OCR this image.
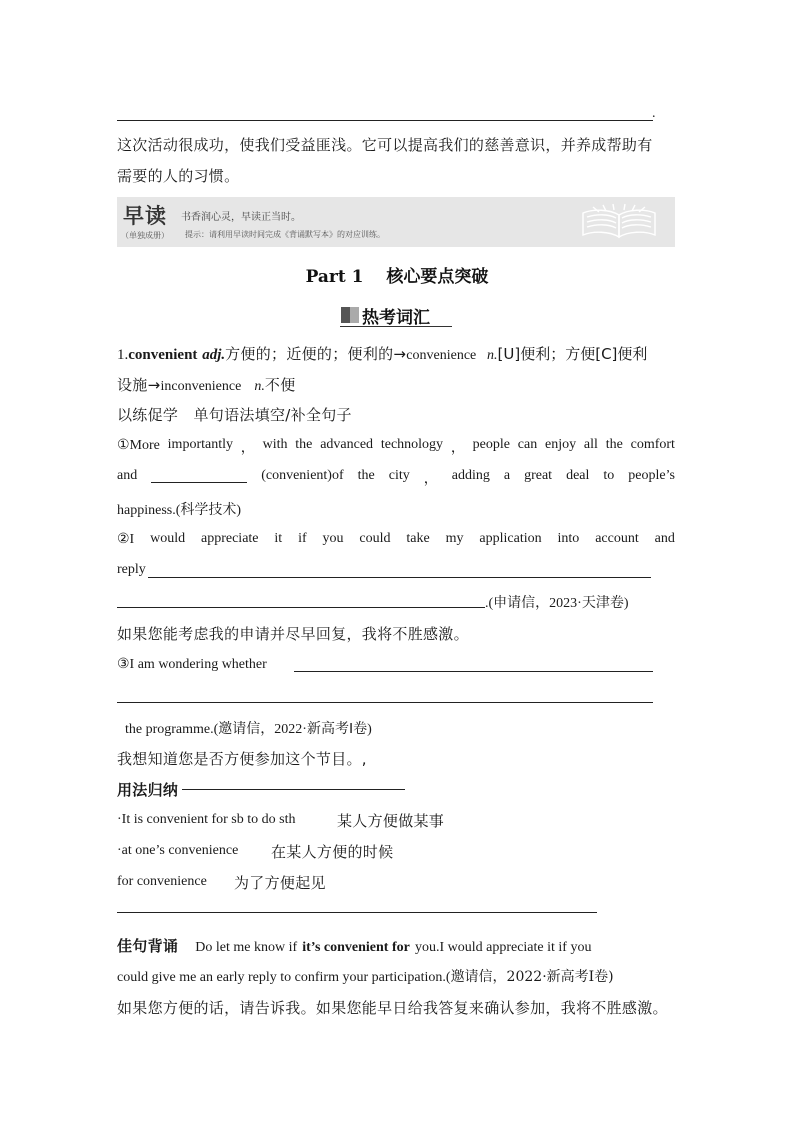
.
这次活动很成功，使我们受益匪浅。它可以提高我们的慈善意识，并养成帮助有
需要的人的习惯。
早读
（单独成册）
书香润心灵，早读正当时。
提示：请利用早读时间完成《背诵默写本》的对应训练。
Part 1　 核心要点突破
热考词汇
1.convenient adj.方便的；近便的；便利的→convenience n.[U]便利；方便[C]便利
设施→inconvenience n.不便
以练促学　单句语法填空/补全句子
①More importantly ， with the advanced technology ， people can enjoy all the comfort
and	(convenient)of the city ， adding a great deal to people’s
happiness.(科学技术)
②I would appreciate it if you could take my application into account and
reply
.(申请信，2023·天津卷)
如果您能考虑我的申请并尽早回复，我将不胜感激。
③I am wondering whether
the programme.(邀请信，2022·新高考Ⅰ卷)
我想知道您是否方便参加这个节目。,
用法归纳
·It is convenient for sb to do sth	某人方便做某事
·at one’s convenience 在某人方便的时候
for convenience 为了方便起见
佳句背诵 Do let me know if it’s convenient for you.I would appreciate it if you
could give me an early reply to confirm your participation.(邀请信，2022·新高考Ⅰ卷)
如果您方便的话，请告诉我。如果您能早日给我答复来确认参加，我将不胜感激。
